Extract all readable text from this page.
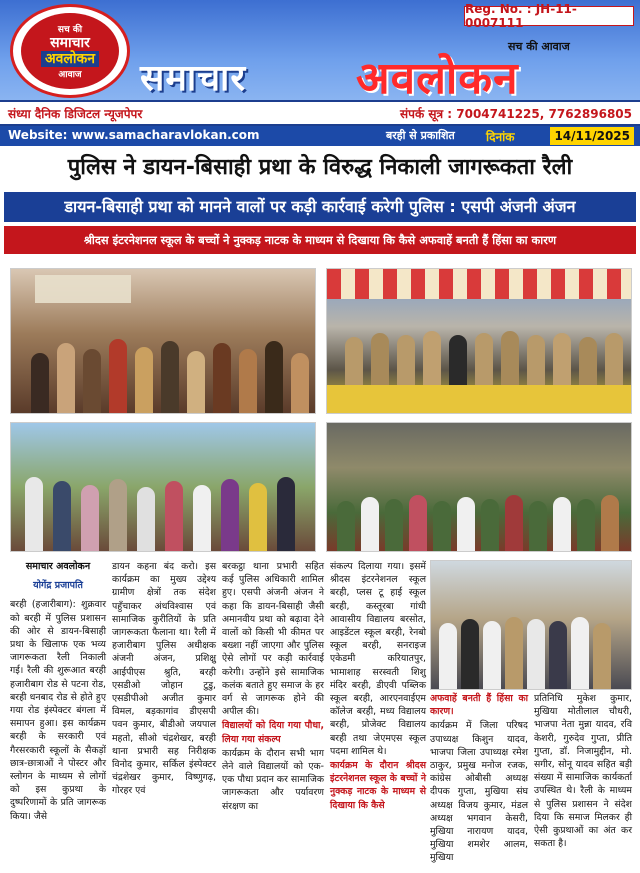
सच की
समाचार
अवलोकन
आवाज
Reg. No. : JH-11-0007111
सच की आवाज
समाचार अवलोकन
संध्या दैनिक डिजिटल न्यूजपेपर	संपर्क सूत्र : 7004741225, 7762896805
Website: www.samacharavlokan.com	बरही से प्रकाशित	दिनांक	14/11/2025
पुलिस ने डायन-बिसाही प्रथा के विरुद्ध निकाली जागरूकता रैली
डायन-बिसाही प्रथा को मानने वालों पर कड़ी कार्रवाई करेगी पुलिस : एसपी अंजनी अंजन
श्रीदस इंटरनेशनल स्कूल के बच्चों ने नुक्कड़ नाटक के माध्यम से दिखाया कि कैसे अफवाहें बनती हैं हिंसा का कारण
समाचार अवलोकन
योगेंद्र प्रजापति

बरही (हजारीबाग): शुक्रवार को बरही में पुलिस प्रशासन की ओर से डायन-बिसाही प्रथा के खिलाफ एक भव्य जागरूकता रैली निकाली गई। रैली की शुरूआत बरही हजारीबाग रोड से पटना रोड, बरही धनबाद रोड से होते हुए गया रोड इंस्पेक्टर बंगला में समापन हुआ। इस कार्यक्रम बरही के सरकारी एवं गैरसरकारी स्कूलों के सैकड़ों छात्र-छात्राओं ने पोस्टर और स्लोगन के माध्यम से लोगों को इस कुप्रथा के दुष्परिणामों के प्रति जागरूक किया। जैसे

डायन कहना बंद करो। इस कार्यक्रम का मुख्य उद्देश्य ग्रामीण क्षेत्रों तक संदेश पहुँचाकर अंधविश्वास एवं सामाजिक कुरीतियों के प्रति जागरूकता फैलाना था। रैली में हजारीबाग पुलिस अधीक्षक अंजनी अंजन, प्रशिक्षु आईपीएस श्रुति, बरही एसडीओ जोहान टुडु, एसडीपीओ अजीत कुमार विमल, बड़कागांव डीएसपी पवन कुमार, बीडीओ जयपाल महतो, सीओ चंद्रशेखर, बरही थाना प्रभारी सह निरीक्षक विनोद कुमार, सर्किल इंस्पेक्टर चंद्रशेखर कुमार, विष्णुगढ़, गोरहर एवं

बरकट्ठा थाना प्रभारी सहित कई पुलिस अधिकारी शामिल हुए। एसपी अंजनी अंजन ने कहा कि डायन-बिसाही जैसी अमानवीय प्रथा को बढ़ावा देने वालों को किसी भी कीमत पर बख्शा नहीं जाएगा और पुलिस ऐसे लोगों पर कड़ी कार्रवाई करेगी। उन्होंने इसे सामाजिक कलंक बताते हुए समाज के हर वर्ग से जागरूक होने की अपील की।

विद्यालयों को दिया गया पौधा, लिया गया संकल्प

कार्यक्रम के दौरान सभी भाग लेने वाले विद्यालयों को एक-एक पौधा प्रदान कर सामाजिक जागरूकता और पर्यावरण संरक्षण का

संकल्प दिलाया गया। इसमें श्रीदस इंटरनेशनल स्कूल बरही, प्लस टू हाई स्कूल बरही, कस्तूरबा गांधी आवासीय विद्यालय बरसोत, आइडेंटल स्कूल बरही, रेनबो स्कूल बरही, सनराइज एकेडमी करियातपुर, भामाशाह सरस्वती शिशु मंदिर बरही, डीएवी पब्लिक स्कूल बरही, आरएनवाईएम कॉलेज बरही, मध्य विद्यालय बरही, प्रोजेक्ट विद्यालय बरही तथा जेएमएस स्कूल पदमा शामिल थे।

कार्यक्रम के दौरान श्रीदस इंटरनेशनल स्कूल के बच्चों ने नुक्कड़ नाटक के माध्यम से दिखाया कि कैसे

अफवाहें बनती हैं हिंसा का कारण।

कार्यक्रम में जिला परिषद उपाध्यक्ष किशुन यादव, भाजपा जिला उपाध्यक्ष रमेश ठाकुर, प्रमुख मनोज रजक, कांग्रेस ओबीसी अध्यक्ष दीपक गुप्ता, मुखिया संघ अध्यक्ष विजय कुमार, मंडल अध्यक्ष भगवान केसरी, मुखिया नारायण यादव, मुखिया शमशेर आलम, मुखिया

प्रतिनिधि मुकेश कुमार, मुखिया मोतीलाल चौधरी, भाजपा नेता मुन्ना यादव, रवि केशरी, गुरुदेव गुप्ता, प्रीति गुप्ता, डॉ. निजामुद्दीन, मो. सगीर, सोनू यादव सहित बड़ी संख्या में सामाजिक कार्यकर्ता उपस्थित थे। रैली के माध्यम से पुलिस प्रशासन ने संदेश दिया कि समाज मिलकर ही ऐसी कुप्रथाओं का अंत कर सकता है।
